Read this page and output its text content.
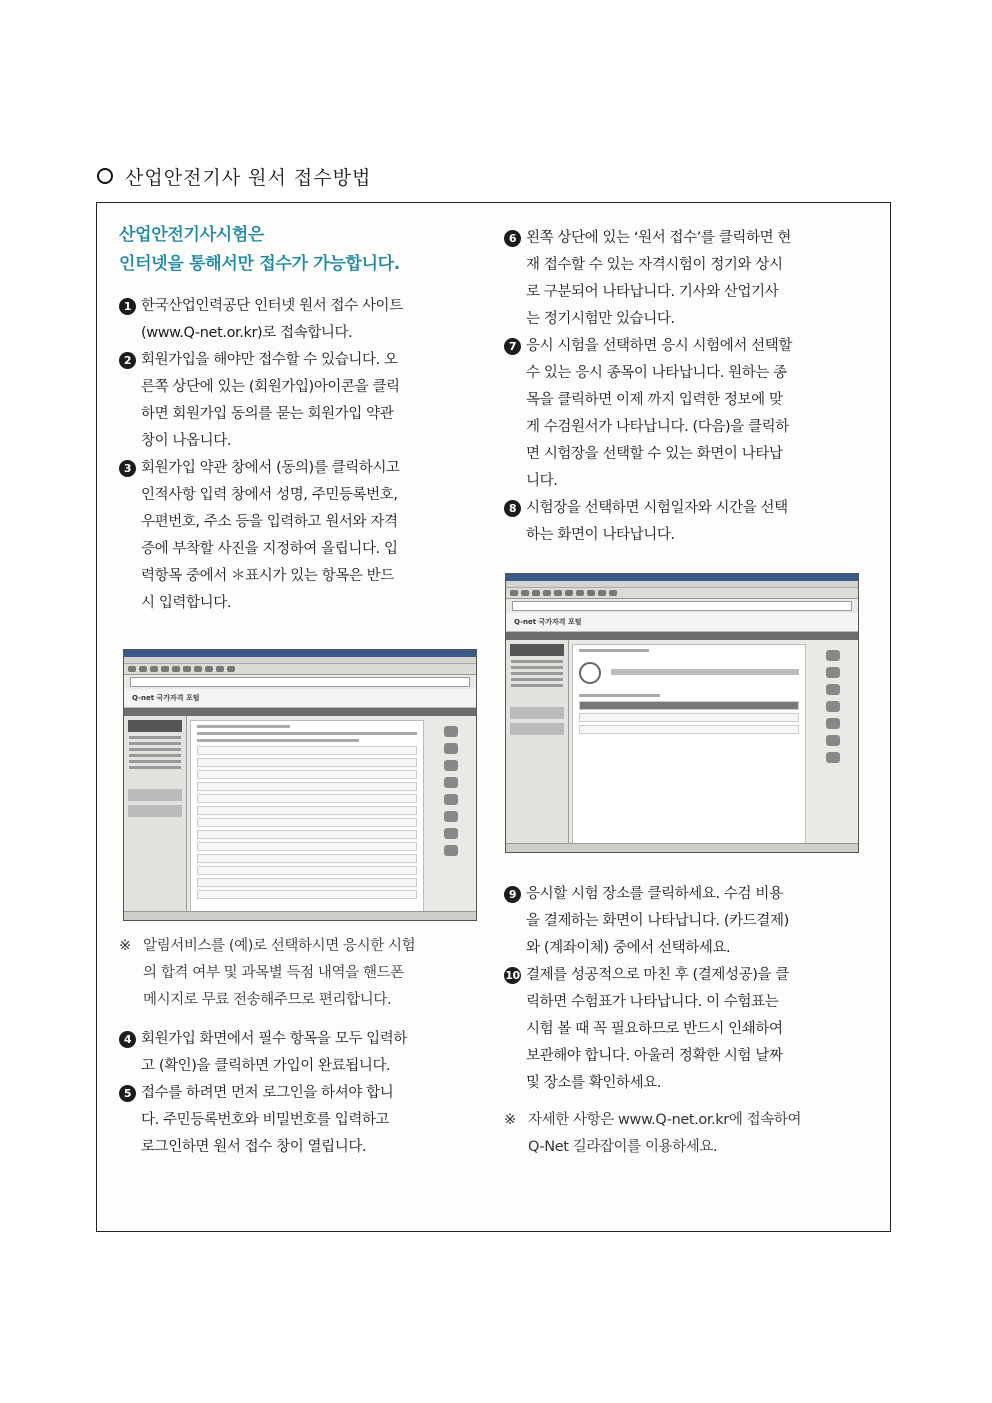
산업안전기사 원서 접수방법
산업안전기사시험은
인터넷을 통해서만 접수가 가능합니다.
1 한국산업인력공단 인터넷 원서 접수 사이트
(www.Q-net.or.kr)로 접속합니다.
2 회원가입을 해야만 접수할 수 있습니다. 오
른쪽 상단에 있는 (회원가입)아이콘을 클릭
하면 회원가입 동의를 묻는 회원가입 약관
창이 나옵니다.
3 회원가입 약관 창에서 (동의)를 클릭하시고
인적사항 입력 창에서 성명, 주민등록번호,
우편번호, 주소 등을 입력하고 원서와 자격
증에 부착할 사진을 지정하여 올립니다. 입
력항목 중에서 ＊표시가 있는 항목은 반드
시 입력합니다.
Q-net 국가자격 포털
※ 알림서비스를 (예)로 선택하시면 응시한 시험
의 합격 여부 및 과목별 득점 내역을 핸드폰
메시지로 무료 전송해주므로 편리합니다.
4 회원가입 화면에서 필수 항목을 모두 입력하
고 (확인)을 클릭하면 가입이 완료됩니다.
5 접수를 하려면 먼저 로그인을 하셔야 합니
다. 주민등록번호와 비밀번호를 입력하고
로그인하면 원서 접수 창이 열립니다.
6 왼쪽 상단에 있는 ‘원서 접수’를 클릭하면 현
재 접수할 수 있는 자격시험이 정기와 상시
로 구분되어 나타납니다. 기사와 산업기사
는 정기시험만 있습니다.
7 응시 시험을 선택하면 응시 시험에서 선택할
수 있는 응시 종목이 나타납니다. 원하는 종
목을 클릭하면 이제 까지 입력한 정보에 맞
게 수검원서가 나타납니다. (다음)을 클릭하
면 시험장을 선택할 수 있는 화면이 나타납
니다.
8 시험장을 선택하면 시험일자와 시간을 선택
하는 화면이 나타납니다.
Q-net 국가자격 포털
9 응시할 시험 장소를 클릭하세요. 수검 비용
을 결제하는 화면이 나타납니다. (카드결제)
와 (계좌이체) 중에서 선택하세요.
10 결제를 성공적으로 마친 후 (결제성공)을 클
릭하면 수험표가 나타납니다. 이 수험표는
시험 볼 때 꼭 필요하므로 반드시 인쇄하여
보관해야 합니다. 아울러 정확한 시험 날짜
및 장소를 확인하세요.
※ 자세한 사항은 www.Q-net.or.kr에 접속하여
Q-Net 길라잡이를 이용하세요.
